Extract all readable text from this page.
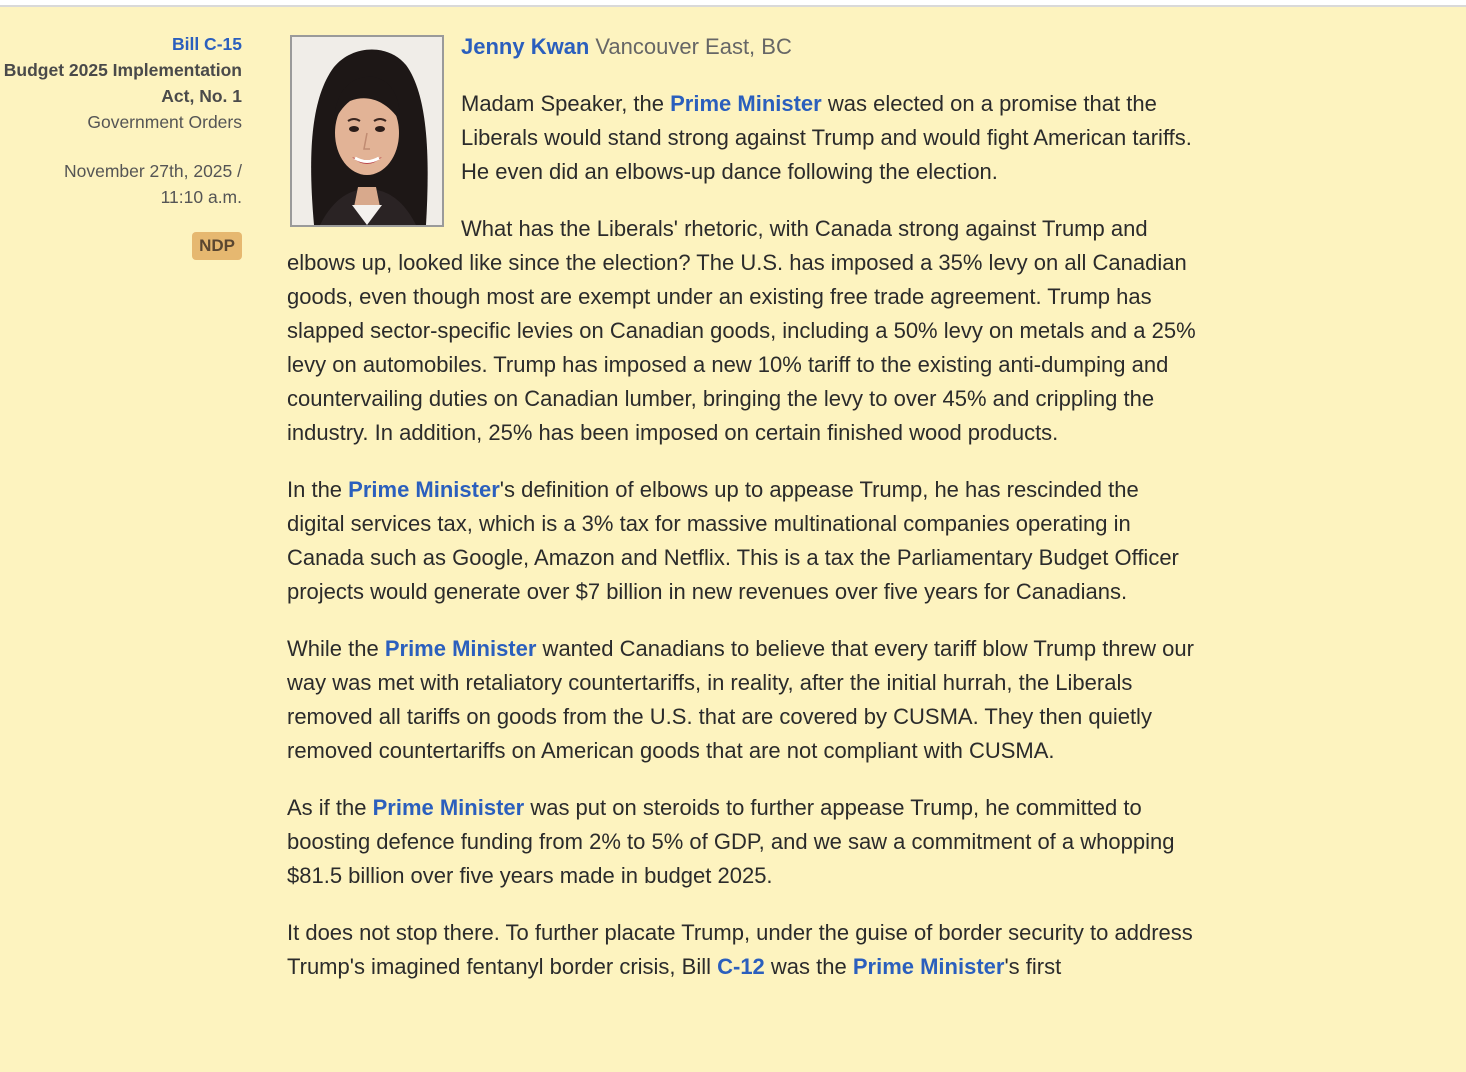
Bill C-15
Budget 2025 Implementation Act, No. 1
Government Orders
November 27th, 2025 /
11:10 a.m.
NDP

Jenny Kwan Vancouver East, BC

Madam Speaker, the Prime Minister was elected on a promise that the Liberals would stand strong against Trump and would fight American tariffs. He even did an elbows-up dance following the election.

What has the Liberals' rhetoric, with Canada strong against Trump and elbows up, looked like since the election? The U.S. has imposed a 35% levy on all Canadian goods, even though most are exempt under an existing free trade agreement. Trump has slapped sector-specific levies on Canadian goods, including a 50% levy on metals and a 25% levy on automobiles. Trump has imposed a new 10% tariff to the existing anti-dumping and countervailing duties on Canadian lumber, bringing the levy to over 45% and crippling the industry. In addition, 25% has been imposed on certain finished wood products.

In the Prime Minister's definition of elbows up to appease Trump, he has rescinded the digital services tax, which is a 3% tax for massive multinational companies operating in Canada such as Google, Amazon and Netflix. This is a tax the Parliamentary Budget Officer projects would generate over $7 billion in new revenues over five years for Canadians.

While the Prime Minister wanted Canadians to believe that every tariff blow Trump threw our way was met with retaliatory countertariffs, in reality, after the initial hurrah, the Liberals removed all tariffs on goods from the U.S. that are covered by CUSMA. They then quietly removed countertariffs on American goods that are not compliant with CUSMA.

As if the Prime Minister was put on steroids to further appease Trump, he committed to boosting defence funding from 2% to 5% of GDP, and we saw a commitment of a whopping $81.5 billion over five years made in budget 2025.

It does not stop there. To further placate Trump, under the guise of border security to address Trump's imagined fentanyl border crisis, Bill C-12 was the Prime Minister's first
